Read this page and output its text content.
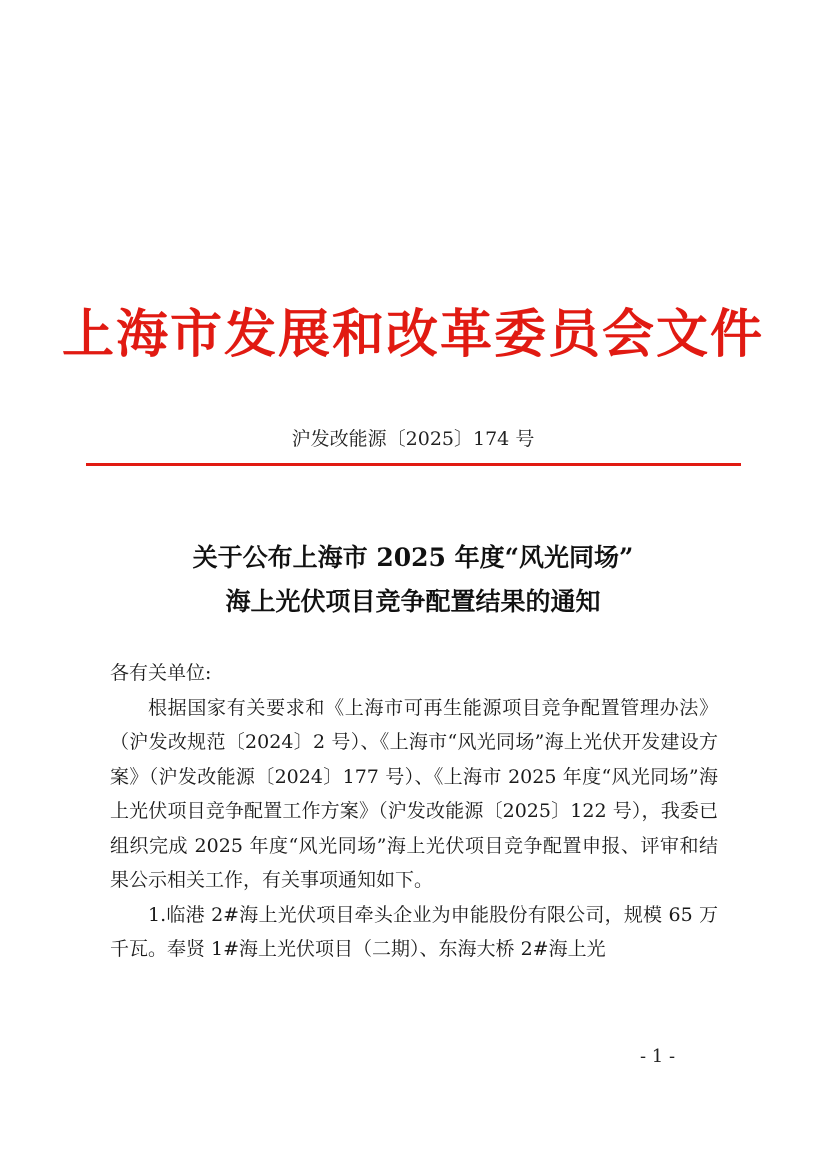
上海市发展和改革委员会文件
沪发改能源〔2025〕174 号
关于公布上海市 2025 年度“风光同场”
海上光伏项目竞争配置结果的通知

各有关单位:

根据国家有关要求和《上海市可再生能源项目竞争配置管理办法》（沪发改规范〔2024〕2 号）、《上海市“风光同场”海上光伏开发建设方案》（沪发改能源〔2024〕177 号）、《上海市 2025 年度“风光同场”海上光伏项目竞争配置工作方案》（沪发改能源〔2025〕122 号），我委已组织完成 2025 年度“风光同场”海上光伏项目竞争配置申报、评审和结果公示相关工作，有关事项通知如下。

1.临港 2#海上光伏项目牵头企业为申能股份有限公司，规模 65 万千瓦。奉贤 1#海上光伏项目（二期）、东海大桥 2#海上光

- 1 -
